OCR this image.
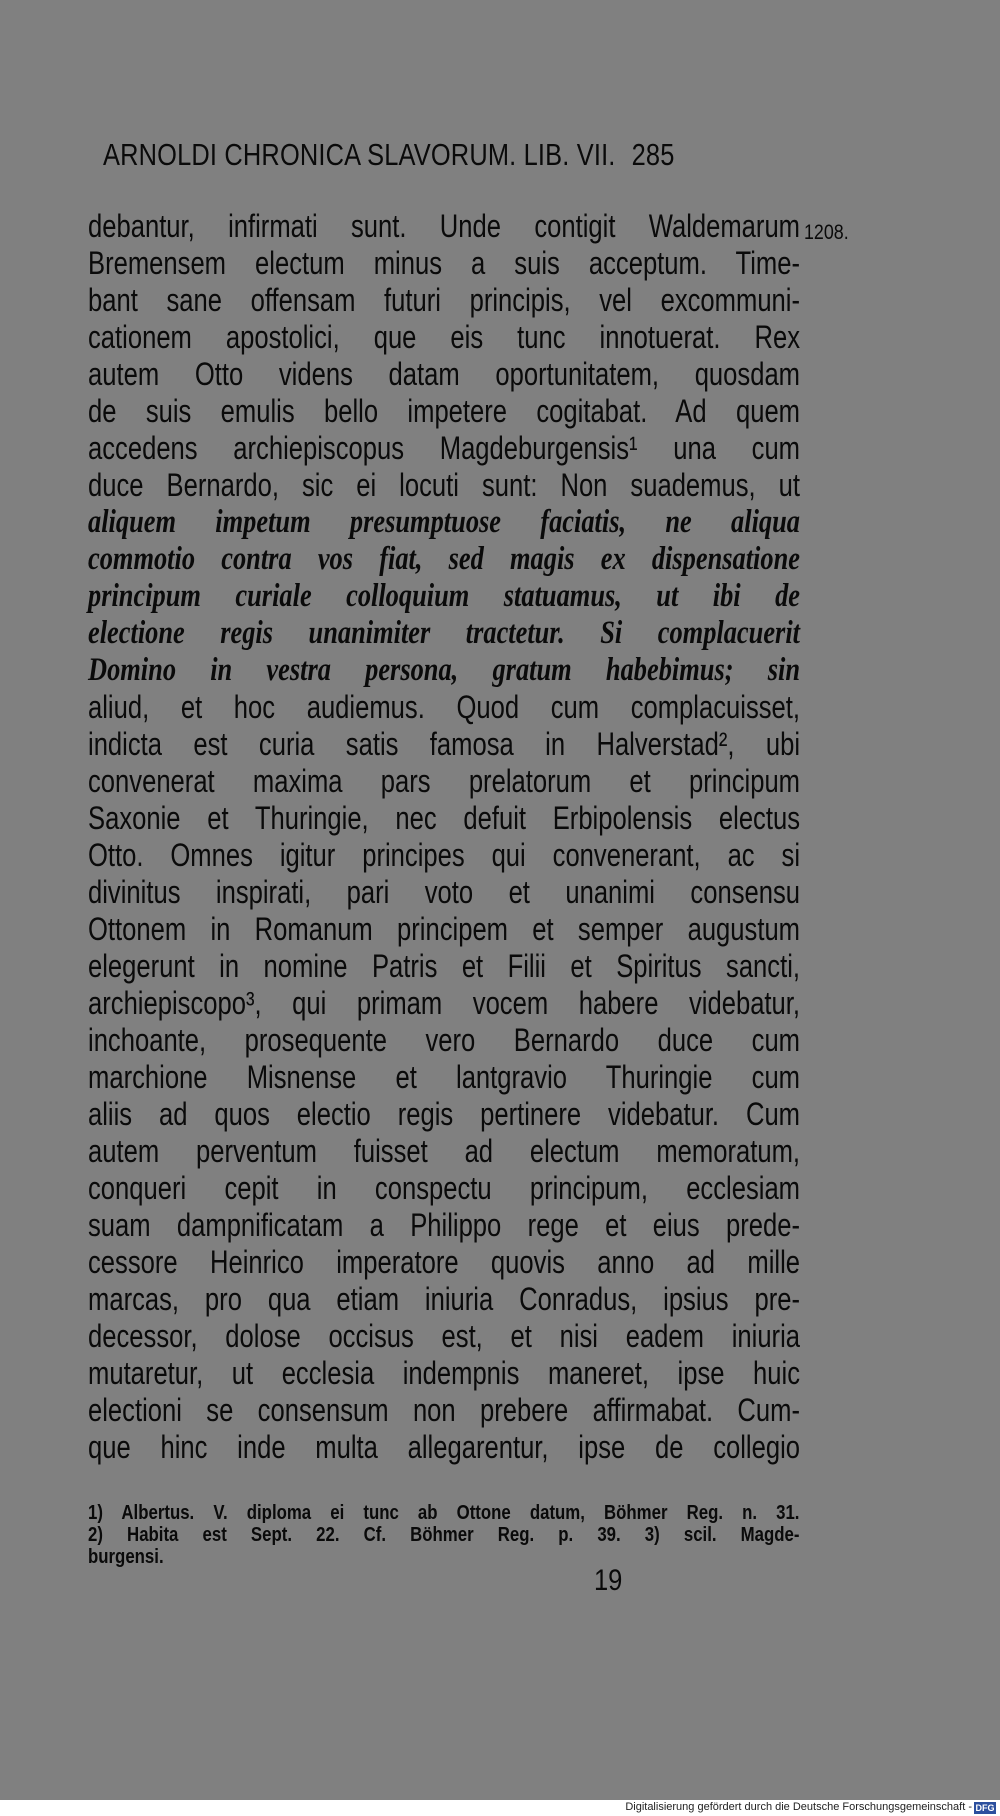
ARNOLDI CHRONICA SLAVORUM. LIB. VII. 285
1208.
debantur, infirmati sunt. Unde contigit Waldemarum
Bremensem electum minus a suis acceptum. Time-
bant sane offensam futuri principis, vel excommuni-
cationem apostolici, que eis tunc innotuerat. Rex
autem Otto videns datam oportunitatem, quosdam
de suis emulis bello impetere cogitabat. Ad quem
accedens archiepiscopus Magdeburgensis¹ una cum
duce Bernardo, sic ei locuti sunt: Non suademus, ut
aliquem impetum presumptuose faciatis, ne aliqua
commotio contra vos fiat, sed magis ex dispensatione
principum curiale colloquium statuamus, ut ibi de
electione regis unanimiter tractetur. Si complacuerit
Domino in vestra persona, gratum habebimus; sin
aliud, et hoc audiemus. Quod cum complacuisset,
indicta est curia satis famosa in Halverstad², ubi
convenerat maxima pars prelatorum et principum
Saxonie et Thuringie, nec defuit Erbipolensis electus
Otto. Omnes igitur principes qui convenerant, ac si
divinitus inspirati, pari voto et unanimi consensu
Ottonem in Romanum principem et semper augustum
elegerunt in nomine Patris et Filii et Spiritus sancti,
archiepiscopo³, qui primam vocem habere videbatur,
inchoante, prosequente vero Bernardo duce cum
marchione Misnense et lantgravio Thuringie cum
aliis ad quos electio regis pertinere videbatur. Cum
autem perventum fuisset ad electum memoratum,
conqueri cepit in conspectu principum, ecclesiam
suam dampnificatam a Philippo rege et eius prede-
cessore Heinrico imperatore quovis anno ad mille
marcas, pro qua etiam iniuria Conradus, ipsius pre-
decessor, dolose occisus est, et nisi eadem iniuria
mutaretur, ut ecclesia indempnis maneret, ipse huic
electioni se consensum non prebere affirmabat. Cum-
que hinc inde multa allegarentur, ipse de collegio
1) Albertus. V. diploma ei tunc ab Ottone datum, Böhmer Reg. n. 31.
2) Habita est Sept. 22. Cf. Böhmer Reg. p. 39. 3) scil. Magde-
burgensi.
19
Digitalisierung gefördert durch die Deutsche Forschungsgemeinschaft - DFG
